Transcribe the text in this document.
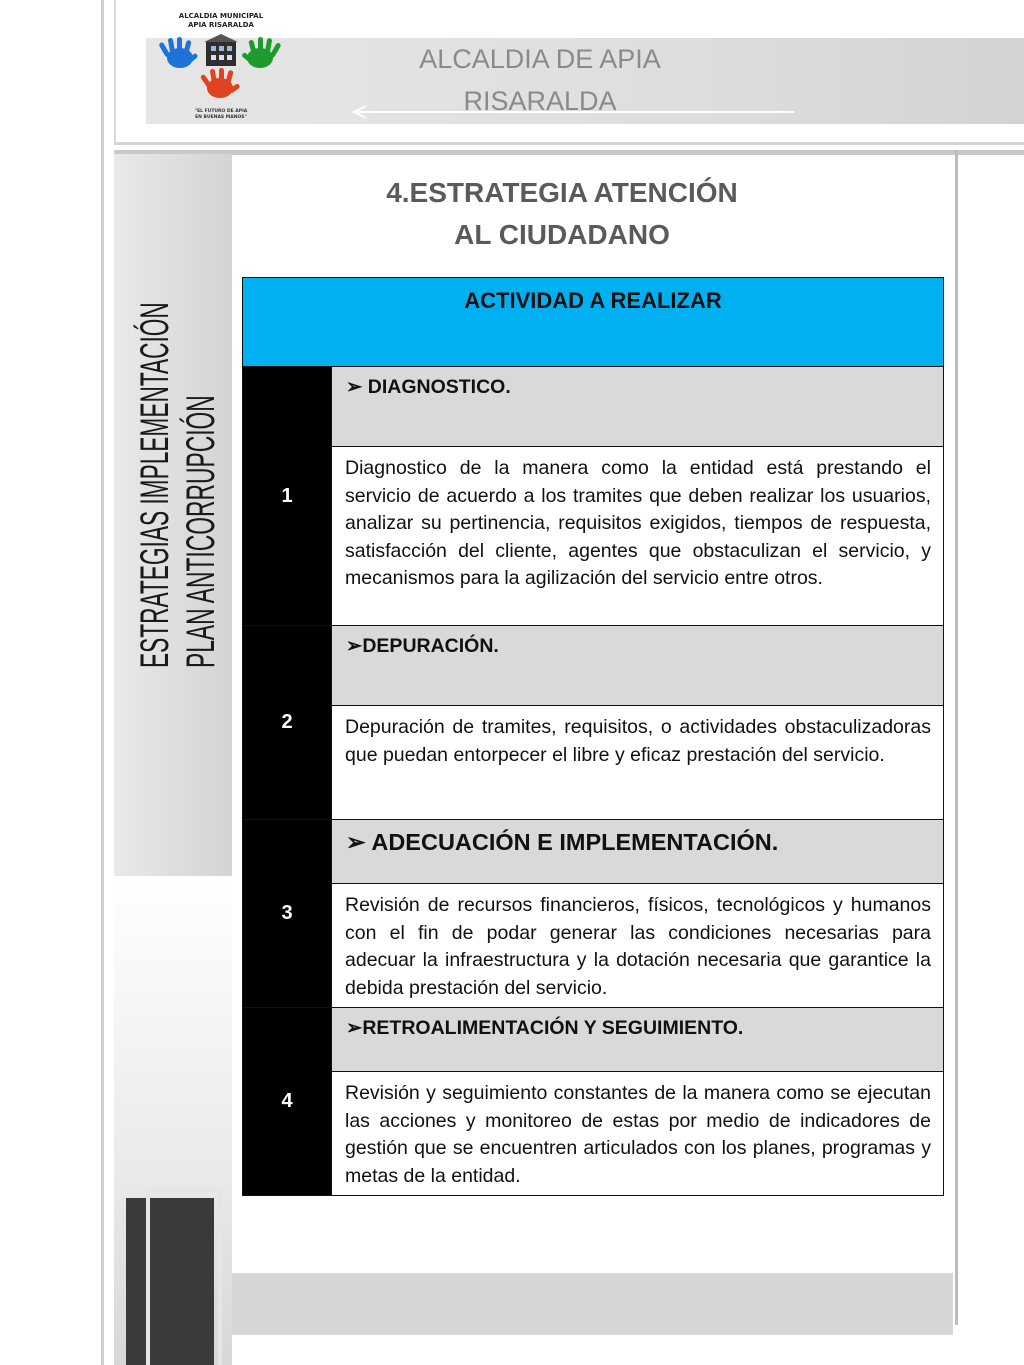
ALCALDIA MUNICIPAL
APIA RISARALDA
"EL FUTURO DE APIA
EN BUENAS MANOS"
ALCALDIA DE APIA
RISARALDA
ESTRATEGIAS IMPLEMENTACIÓN PLAN ANTICORRUPCIÓN
4.ESTRATEGIA ATENCIÓN
AL CIUDADANO
ACTIVIDAD A REALIZAR	
1	➢ DIAGNOSTICO.
	Diagnostico de la manera como la entidad está prestando el servicio de acuerdo a los tramites que deben realizar los usuarios, analizar su pertinencia, requisitos exigidos, tiempos de respuesta, satisfacción del cliente, agentes que obstaculizan el servicio, y mecanismos para la agilización del servicio entre otros.
2	➢DEPURACIÓN.
	Depuración de tramites, requisitos, o actividades obstaculizadoras que puedan entorpecer el libre y eficaz prestación del servicio.
3	➢ ADECUACIÓN E IMPLEMENTACIÓN.
	Revisión de recursos financieros, físicos, tecnológicos y humanos con el fin de podar generar las condiciones necesarias para adecuar la infraestructura y la dotación necesaria que garantice la debida prestación del servicio.
4	➢RETROALIMENTACIÓN Y SEGUIMIENTO.
	Revisión y seguimiento constantes de la manera como se ejecutan las acciones y monitoreo de estas por medio de indicadores de gestión que se encuentren articulados con los planes, programas y metas de la entidad.
